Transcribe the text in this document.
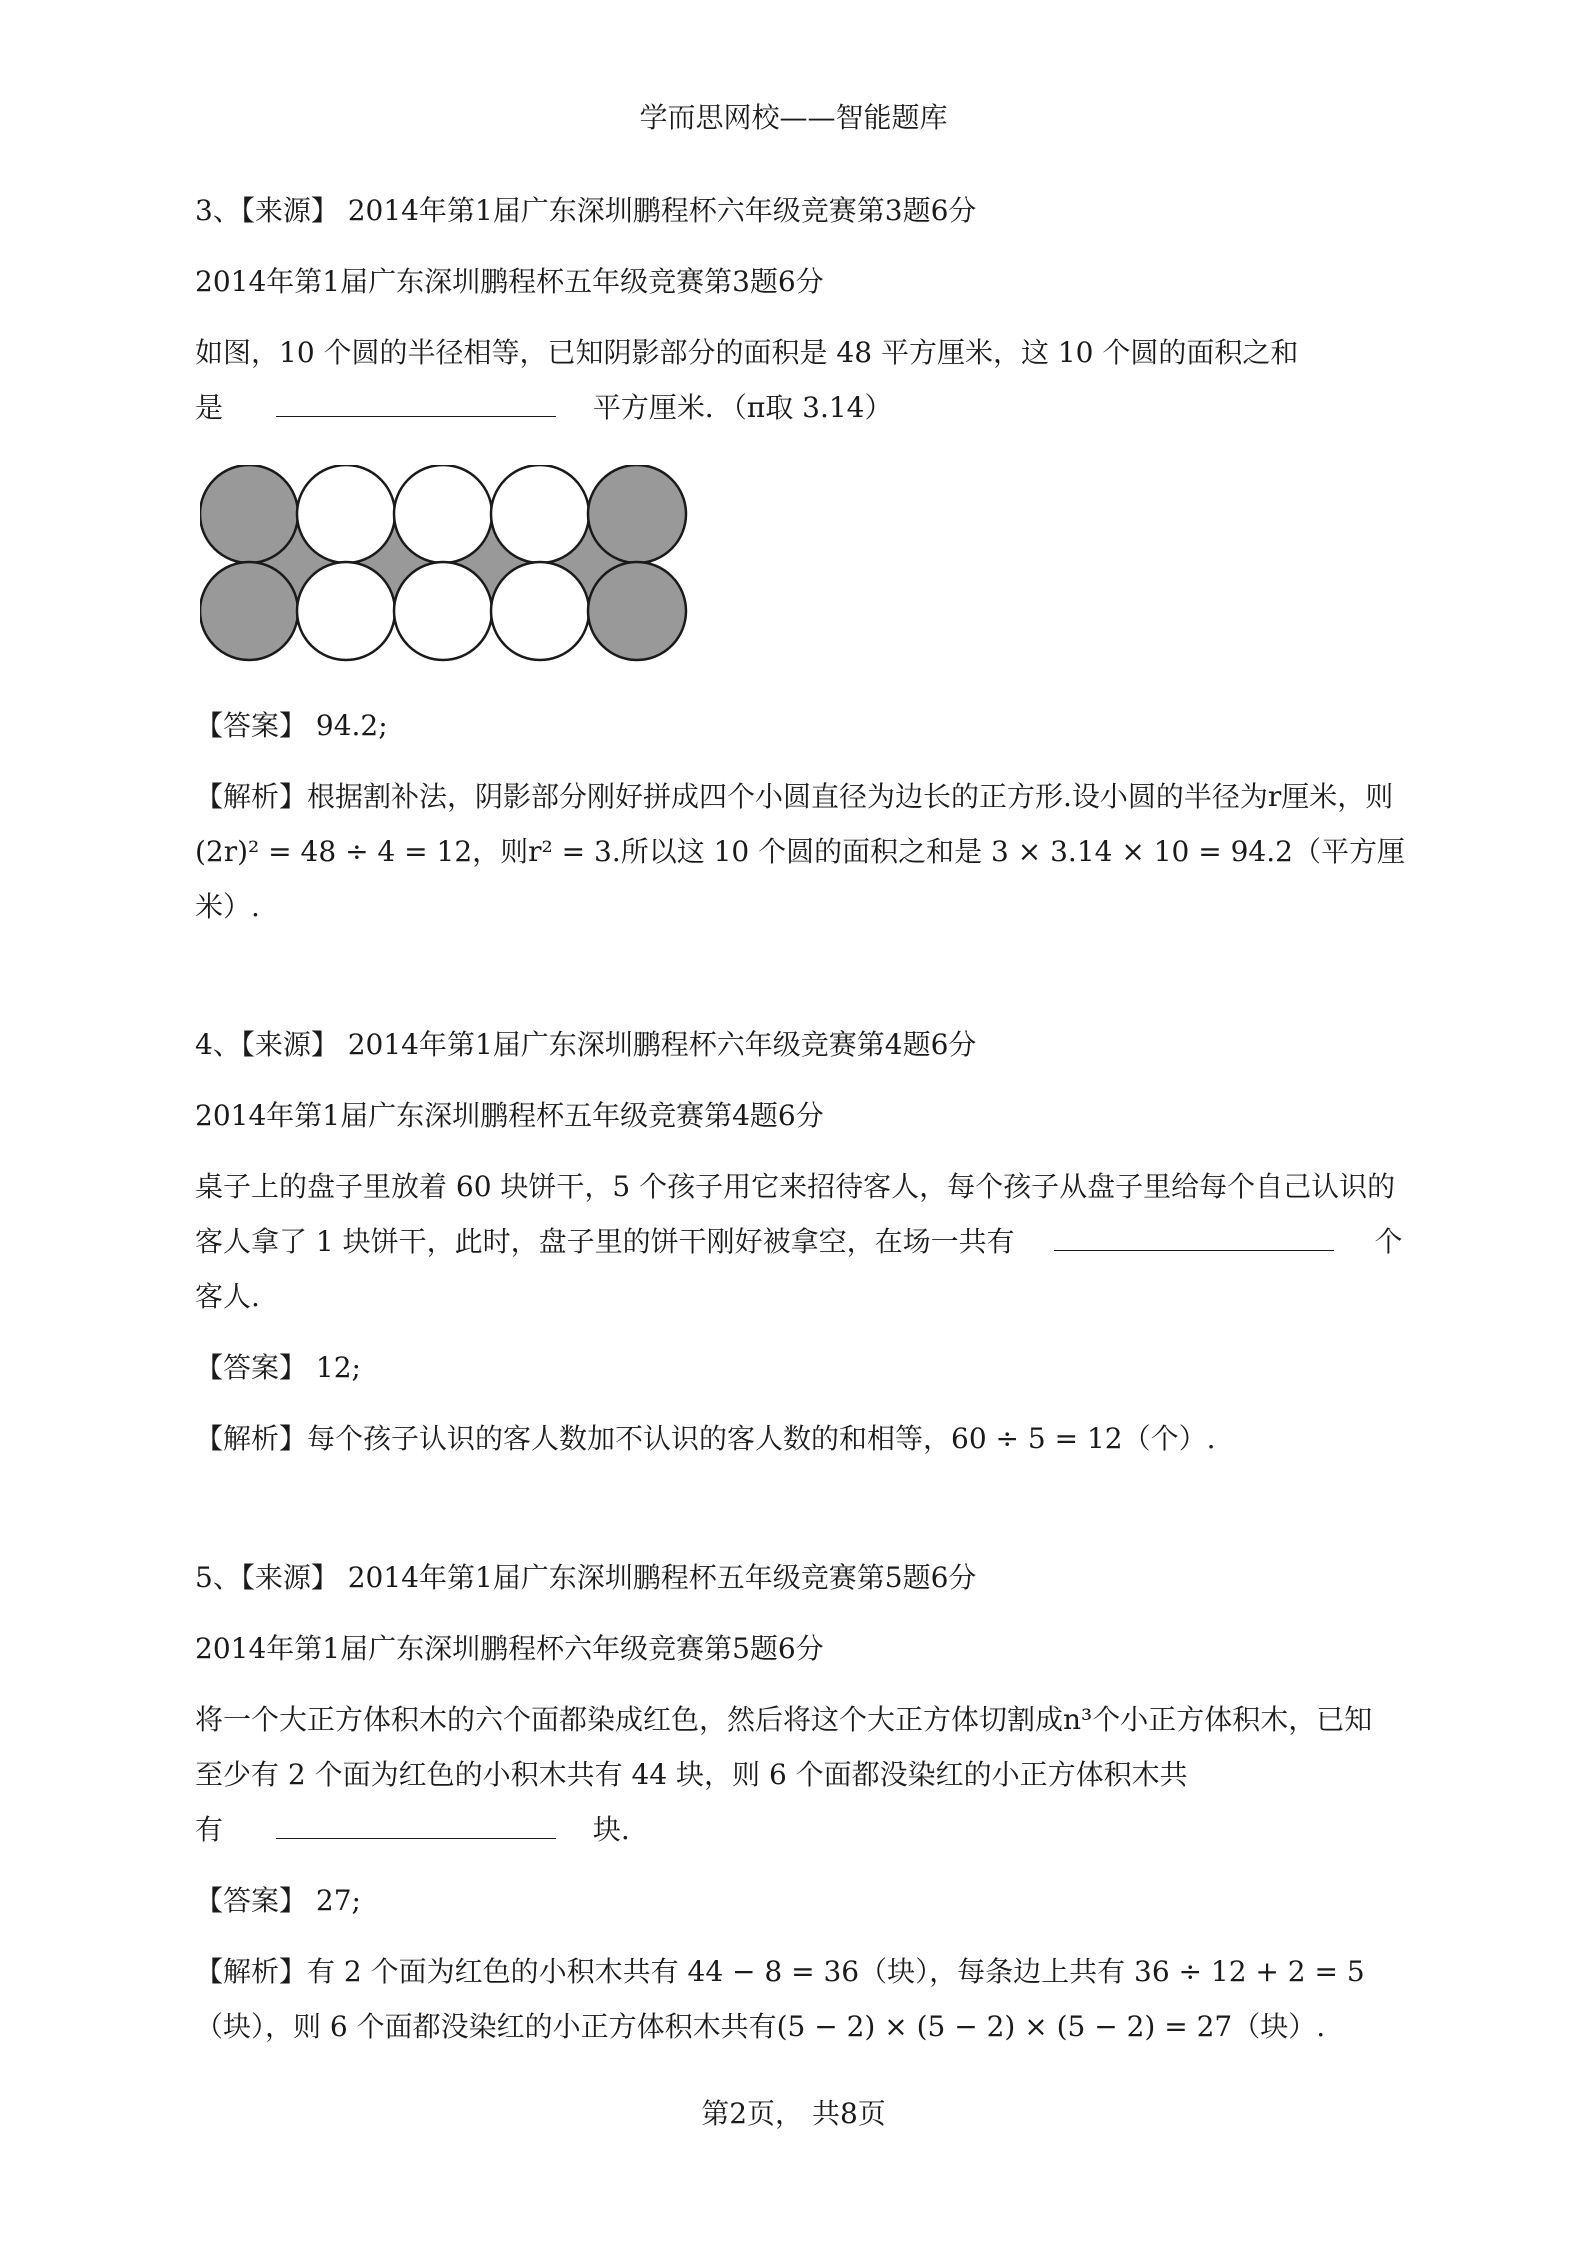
学而思网校——智能题库
3、【来源】 2014年第1届广东深圳鹏程杯六年级竞赛第3题6分
2014年第1届广东深圳鹏程杯五年级竞赛第3题6分
如图，10 个圆的半径相等，已知阴影部分的面积是 48 平方厘米，这 10 个圆的面积之和
是	平方厘米．（π取 3.14）
【答案】 94.2;
【解析】根据割补法，阴影部分刚好拼成四个小圆直径为边长的正方形.设小圆的半径为r厘米，则
(2r)² = 48 ÷ 4 = 12，则r² = 3.所以这 10 个圆的面积之和是 3 × 3.14 × 10 = 94.2（平方厘
米）.
4、【来源】 2014年第1届广东深圳鹏程杯六年级竞赛第4题6分
2014年第1届广东深圳鹏程杯五年级竞赛第4题6分
桌子上的盘子里放着 60 块饼干，5 个孩子用它来招待客人，每个孩子从盘子里给每个自己认识的
客人拿了 1 块饼干，此时，盘子里的饼干刚好被拿空，在场一共有	个
客人.
【答案】 12;
【解析】每个孩子认识的客人数加不认识的客人数的和相等，60 ÷ 5 = 12（个）.
5、【来源】 2014年第1届广东深圳鹏程杯五年级竞赛第5题6分
2014年第1届广东深圳鹏程杯六年级竞赛第5题6分
将一个大正方体积木的六个面都染成红色，然后将这个大正方体切割成n³个小正方体积木，已知
至少有 2 个面为红色的小积木共有 44 块，则 6 个面都没染红的小正方体积木共
有	块.
【答案】 27;
【解析】有 2 个面为红色的小积木共有 44 − 8 = 36（块），每条边上共有 36 ÷ 12 + 2 = 5
（块），则 6 个面都没染红的小正方体积木共有(5 − 2) × (5 − 2) × (5 − 2) = 27（块）.
第2页， 共8页
